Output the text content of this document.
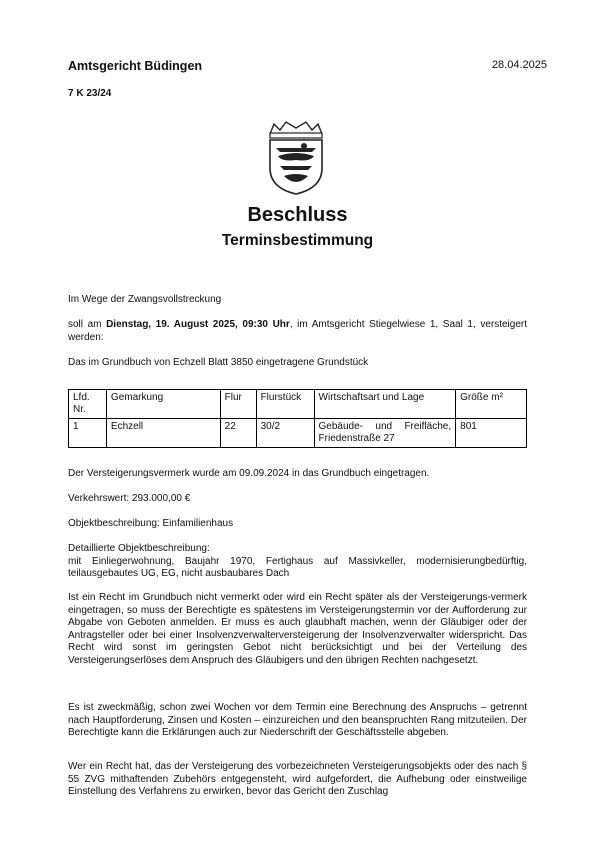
Amtsgericht Büdingen	28.04.2025
7 K 23/24
Beschluss
Terminsbestimmung
Im Wege der Zwangsvollstreckung
soll am Dienstag, 19. August 2025, 09:30 Uhr, im Amtsgericht Stiegelwiese 1, Saal 1, versteigert werden:
Das im Grundbuch von Echzell Blatt 3850 eingetragene Grundstück
Lfd. Nr.	Gemarkung	Flur	Flurstück	Wirtschaftsart und Lage	Größe m²
1	Echzell	22	30/2	Gebäude- und Freifläche, Friedenstraße 27	801
Der Versteigerungsvermerk wurde am 09.09.2024 in das Grundbuch eingetragen.
Verkehrswert: 293.000,00 €
Objektbeschreibung: Einfamilienhaus
Detaillierte Objektbeschreibung:
mit Einliegerwohnung, Baujahr 1970, Fertighaus auf Massivkeller, modernisierungbedürftig, teilausgebautes UG, EG, nicht ausbaubares Dach
Ist ein Recht im Grundbuch nicht vermerkt oder wird ein Recht später als der Versteigerungs-vermerk eingetragen, so muss der Berechtigte es spätestens im Versteigerungstermin vor der Aufforderung zur Abgabe von Geboten anmelden. Er muss es auch glaubhaft machen, wenn der Gläubiger oder der Antragsteller oder bei einer Insolvenzverwalterversteigerung der Insolvenzverwalter widerspricht. Das Recht wird sonst im geringsten Gebot nicht berücksichtigt und bei der Verteilung des Versteigerungserlöses dem Anspruch des Gläubigers und den übrigen Rechten nachgesetzt.
Es ist zweckmäßig, schon zwei Wochen vor dem Termin eine Berechnung des Anspruchs – getrennt nach Hauptforderung, Zinsen und Kosten – einzureichen und den beanspruchten Rang mitzuteilen. Der Berechtigte kann die Erklärungen auch zur Niederschrift der Geschäftsstelle abgeben.
Wer ein Recht hat, das der Versteigerung des vorbezeichneten Versteigerungsobjekts oder des nach § 55 ZVG mithaftenden Zubehörs entgegensteht, wird aufgefordert, die Aufhebung oder einstweilige Einstellung des Verfahrens zu erwirken, bevor das Gericht den Zuschlag
